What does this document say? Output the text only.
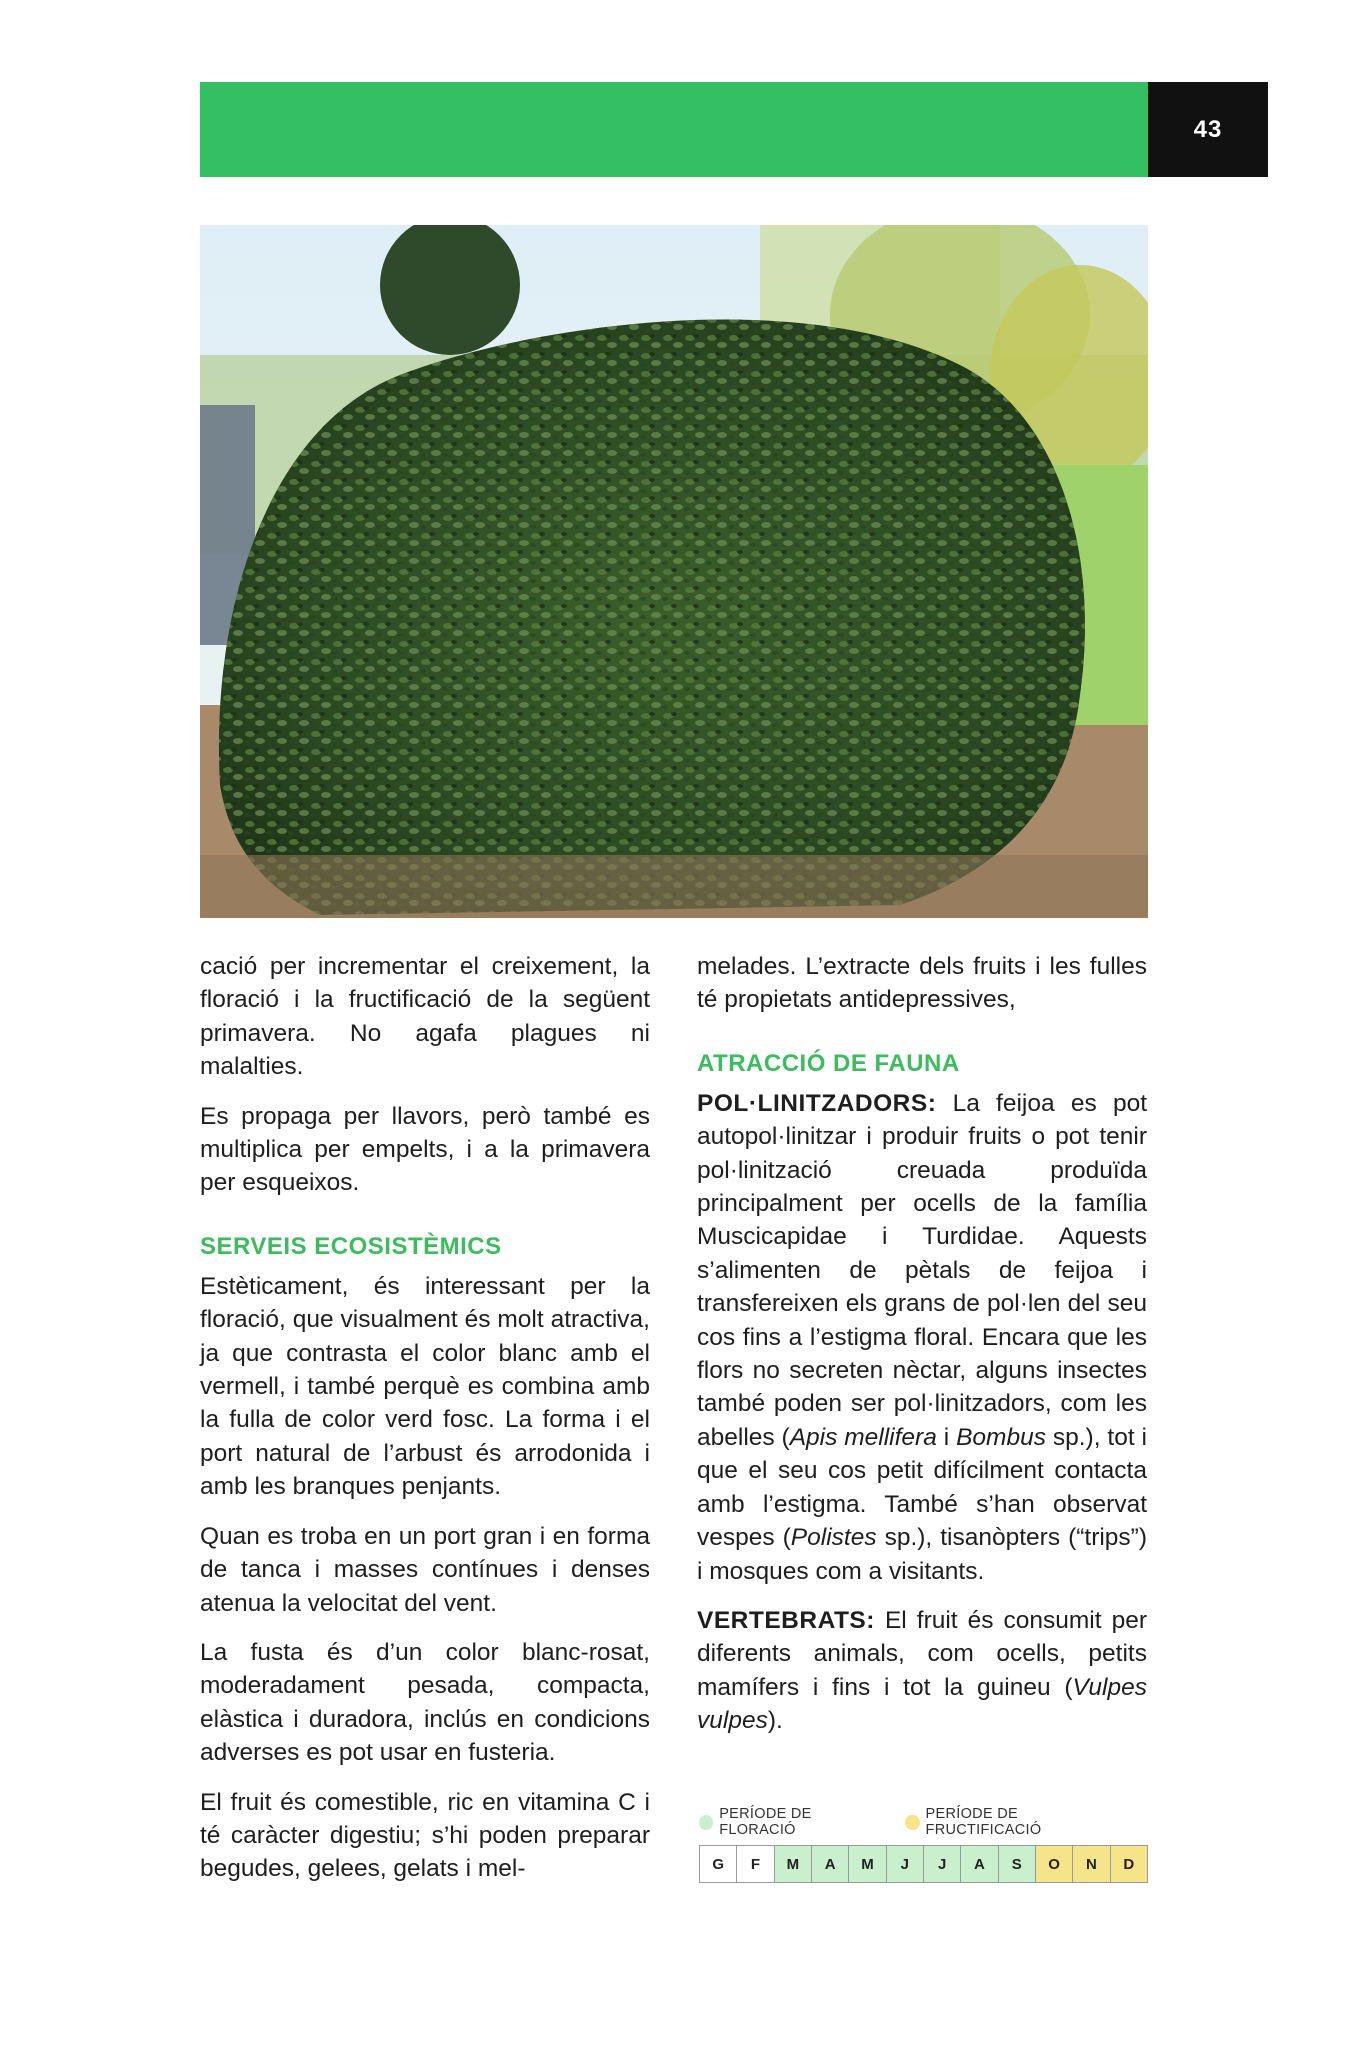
43

cació per incrementar el creixement, la floració i la fructificació de la següent primavera. No agafa plagues ni malalties.

Es propaga per llavors, però també es multiplica per empelts, i a la primavera per esqueixos.

SERVEIS ECOSISTÈMICS

Estèticament, és interessant per la floració, que visualment és molt atractiva, ja que contrasta el color blanc amb el vermell, i també perquè es combina amb la fulla de color verd fosc. La forma i el port natural de l’arbust és arrodonida i amb les branques penjants.

Quan es troba en un port gran i en forma de tanca i masses contínues i denses atenua la velocitat del vent.

La fusta és d’un color blanc-rosat, moderadament pesada, compacta, elàstica i duradora, inclús en condicions adverses es pot usar en fusteria.

El fruit és comestible, ric en vitamina C i té caràcter digestiu; s’hi poden preparar begudes, gelees, gelats i mel-

melades. L’extracte dels fruits i les fulles té propietats antidepressives,

ATRACCIÓ DE FAUNA

POL·LINITZADORS: La feijoa es pot autopol·linitzar i produir fruits o pot tenir pol·linització creuada produïda principalment per ocells de la família Muscicapidae i Turdidae. Aquests s’alimenten de pètals de feijoa i transfereixen els grans de pol·len del seu cos fins a l’estigma floral. Encara que les flors no secreten nèctar, alguns insectes també poden ser pol·linitzadors, com les abelles (Apis mellifera i Bombus sp.), tot i que el seu cos petit difícilment contacta amb l’estigma. També s’han observat vespes (Polistes sp.), tisanòpters (“trips”) i mosques com a visitants.

VERTEBRATS: El fruit és consumit per diferents animals, com ocells, petits mamífers i fins i tot la guineu (Vulpes vulpes).

PERÍODE DE FLORACIÓ
PERÍODE DE FRUCTIFICACIÓ
G	F	M	A	M	J	J	A	S	O	N	D
